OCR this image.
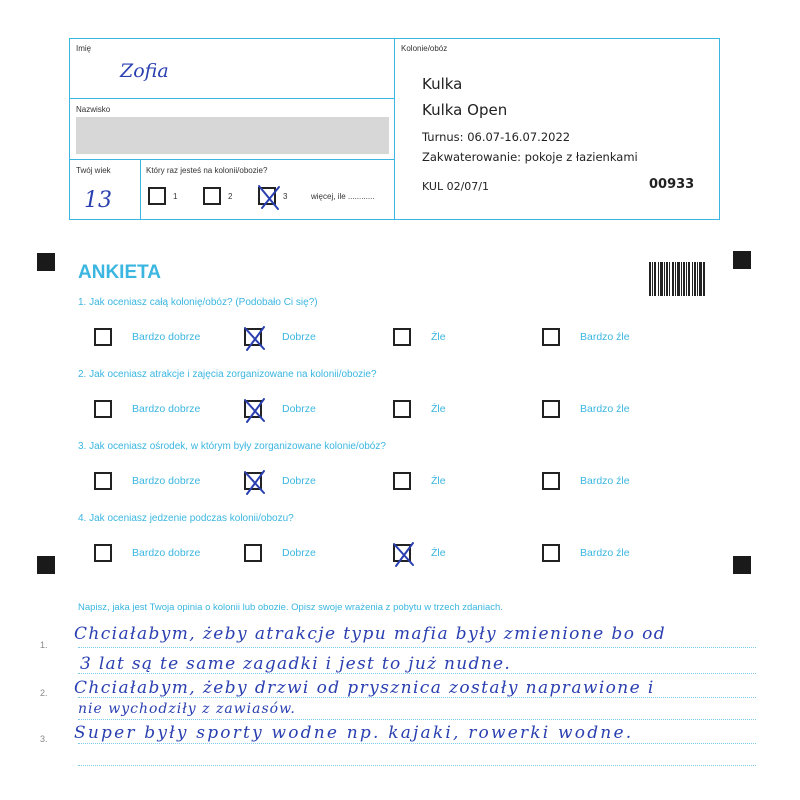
Imię
Zofia
Nazwisko
Twój wiek
13
Który raz jesteś na kolonii/obozie?
1	2	3	więcej, ile ............
Kolonie/obóz
Kulka
Kulka Open
Turnus: 06.07-16.07.2022
Zakwaterowanie: pokoje z łazienkami
KUL 02/07/1	00933
ANKIETA
1. Jak oceniasz całą kolonię/obóz? (Podobało Ci się?)
Bardzo dobrze	Dobrze	Źle	Bardzo źle
2. Jak oceniasz atrakcje i zajęcia zorganizowane na kolonii/obozie?
Bardzo dobrze	Dobrze	Źle	Bardzo źle
3. Jak oceniasz ośrodek, w którym były zorganizowane kolonie/obóz?
Bardzo dobrze	Dobrze	Źle	Bardzo źle
4. Jak oceniasz jedzenie podczas kolonii/obozu?
Bardzo dobrze	Dobrze	Źle	Bardzo źle
Napisz, jaka jest Twoja opinia o kolonii lub obozie. Opisz swoje wrażenia z pobytu w trzech zdaniach.
1.
2.
3.
Chciałabym, żeby atrakcje typu mafia były zmienione bo od
3 lat są te same zagadki i jest to już nudne.
Chciałabym, żeby drzwi od prysznica zostały naprawione i
nie wychodziły z zawiasów.
Super były sporty wodne np. kajaki, rowerki wodne.
